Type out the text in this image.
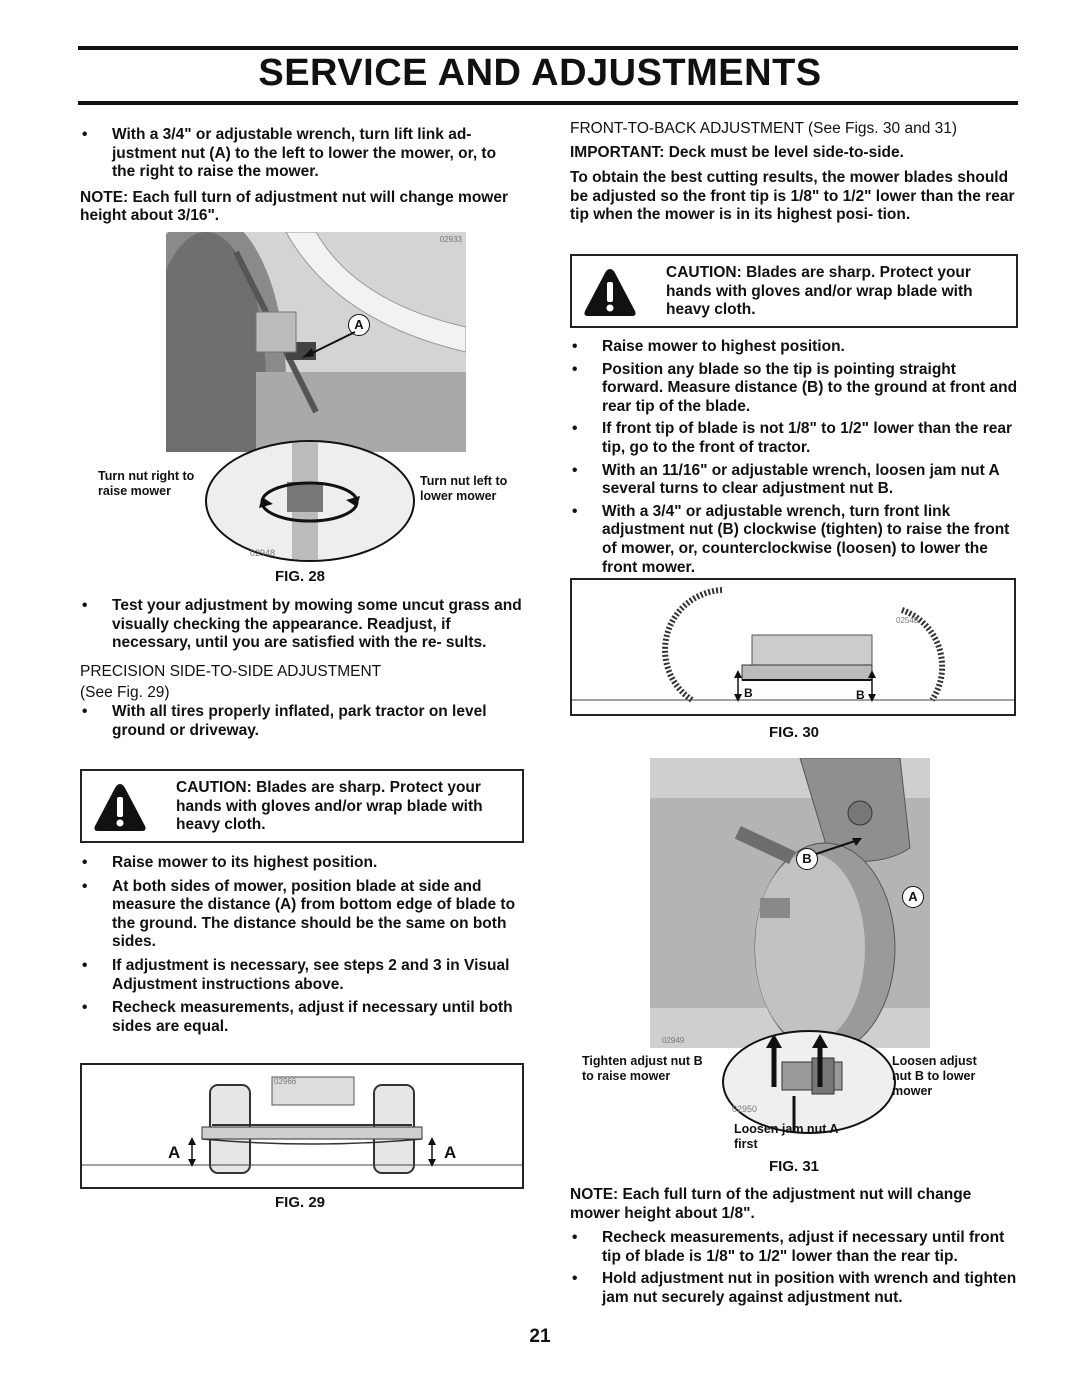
SERVICE AND ADJUSTMENTS

• With a 3/4" or adjustable wrench, turn lift link ad- justment nut (A) to the left to lower the mower, or, to the right to raise the mower.

NOTE: Each full turn of adjustment nut will change mower height about 3/16".

02933
A
Turn nut right to raise mower
Turn nut left to lower mower
02948
FIG. 28

• Test your adjustment by mowing some uncut grass and visually checking the appearance. Readjust, if necessary, until you are satisfied with the re- sults.

PRECISION SIDE-TO-SIDE ADJUSTMENT

(See Fig. 29)

• With all tires properly inflated, park tractor on level ground or driveway.

CAUTION: Blades are sharp. Protect your hands with gloves and/or wrap blade with heavy cloth.

• Raise mower to its highest position.

• At both sides of mower, position blade at side and measure the distance (A) from bottom edge of blade to the ground. The distance should be the same on both sides.

• If adjustment is necessary, see steps 2 and 3 in Visual Adjustment instructions above.

• Recheck measurements, adjust if necessary until both sides are equal.

02966
A	A
FIG. 29

FRONT-TO-BACK ADJUSTMENT (See Figs. 30 and 31)

IMPORTANT: Deck must be level side-to-side.

To obtain the best cutting results, the mower blades should be adjusted so the front tip is 1/8" to 1/2" lower than the rear tip when the mower is in its highest posi- tion.

CAUTION: Blades are sharp. Protect your hands with gloves and/or wrap blade with heavy cloth.

• Raise mower to highest position.

• Position any blade so the tip is pointing straight forward. Measure distance (B) to the ground at front and rear tip of the blade.

• If front tip of blade is not 1/8" to 1/2" lower than the rear tip, go to the front of tractor.

• With an 11/16" or adjustable wrench, loosen jam nut A several turns to clear adjustment nut B.

• With a 3/4" or adjustable wrench, turn front link adjustment nut (B) clockwise (tighten) to raise the front of mower, or, counterclockwise (loosen) to lower the front mower.

02548
B	B
FIG. 30
02949
B
A
02950
Tighten adjust nut B to raise mower
Loosen adjust nut B to lower mower
Loosen jam nut A first
FIG. 31

NOTE: Each full turn of the adjustment nut will change mower height about 1/8".

• Recheck measurements, adjust if necessary until front tip of blade is 1/8" to 1/2" lower than the rear tip.

• Hold adjustment nut in position with wrench and tighten jam nut securely against adjustment nut.

21
